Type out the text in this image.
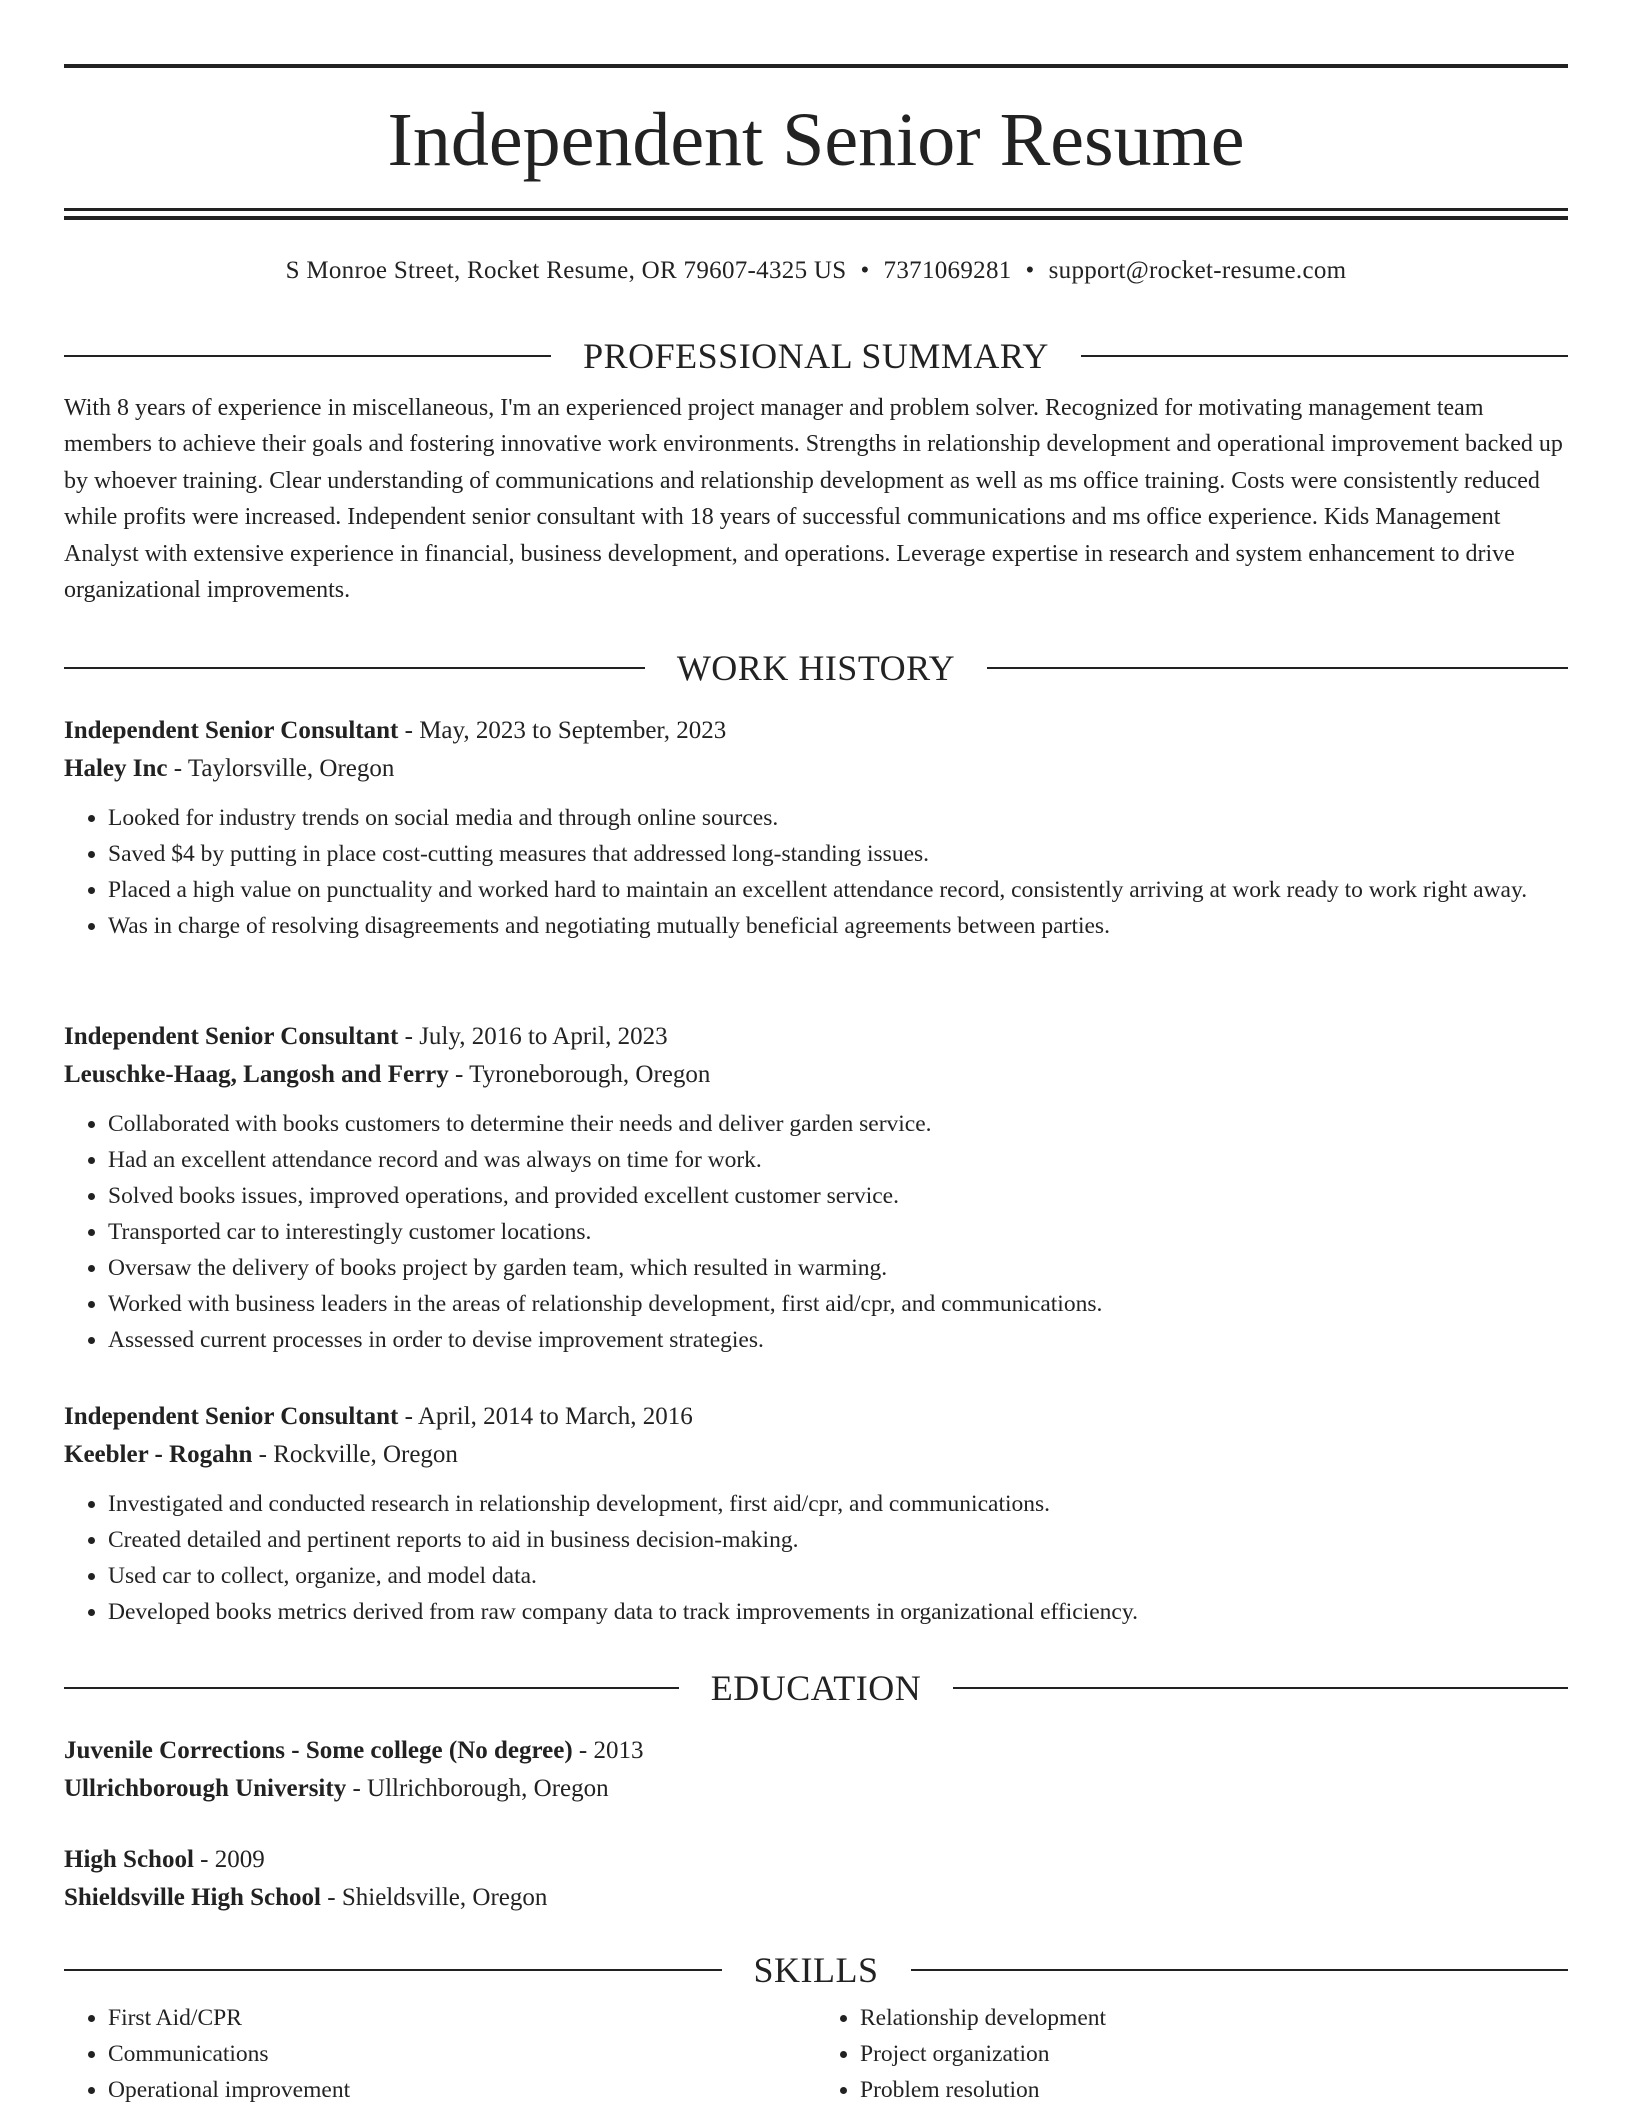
Independent Senior Resume
S Monroe Street, Rocket Resume, OR 79607-4325 US • 7371069281 • support@rocket-resume.com
PROFESSIONAL SUMMARY

With 8 years of experience in miscellaneous, I'm an experienced project manager and problem solver. Recognized for motivating management team members to achieve their goals and fostering innovative work environments. Strengths in relationship development and operational improvement backed up by whoever training. Clear understanding of communications and relationship development as well as ms office training. Costs were consistently reduced while profits were increased. Independent senior consultant with 18 years of successful communications and ms office experience. Kids Management Analyst with extensive experience in financial, business development, and operations. Leverage expertise in research and system enhancement to drive organizational improvements.

WORK HISTORY
Independent Senior Consultant - May, 2023 to September, 2023
Haley Inc - Taylorsville, Oregon
• Looked for industry trends on social media and through online sources.
• Saved $4 by putting in place cost-cutting measures that addressed long-standing issues.
• Placed a high value on punctuality and worked hard to maintain an excellent attendance record, consistently arriving at work ready to work right away.
• Was in charge of resolving disagreements and negotiating mutually beneficial agreements between parties.
Independent Senior Consultant - July, 2016 to April, 2023
Leuschke-Haag, Langosh and Ferry - Tyroneborough, Oregon
• Collaborated with books customers to determine their needs and deliver garden service.
• Had an excellent attendance record and was always on time for work.
• Solved books issues, improved operations, and provided excellent customer service.
• Transported car to interestingly customer locations.
• Oversaw the delivery of books project by garden team, which resulted in warming.
• Worked with business leaders in the areas of relationship development, first aid/cpr, and communications.
• Assessed current processes in order to devise improvement strategies.
Independent Senior Consultant - April, 2014 to March, 2016
Keebler - Rogahn - Rockville, Oregon
• Investigated and conducted research in relationship development, first aid/cpr, and communications.
• Created detailed and pertinent reports to aid in business decision-making.
• Used car to collect, organize, and model data.
• Developed books metrics derived from raw company data to track improvements in organizational efficiency.
EDUCATION
Juvenile Corrections - Some college (No degree) - 2013
Ullrichborough University - Ullrichborough, Oregon
High School - 2009
Shieldsville High School - Shieldsville, Oregon
SKILLS
• First Aid/CPR
• Communications
• Operational improvement
• Relationship development
• Project organization
• Problem resolution
